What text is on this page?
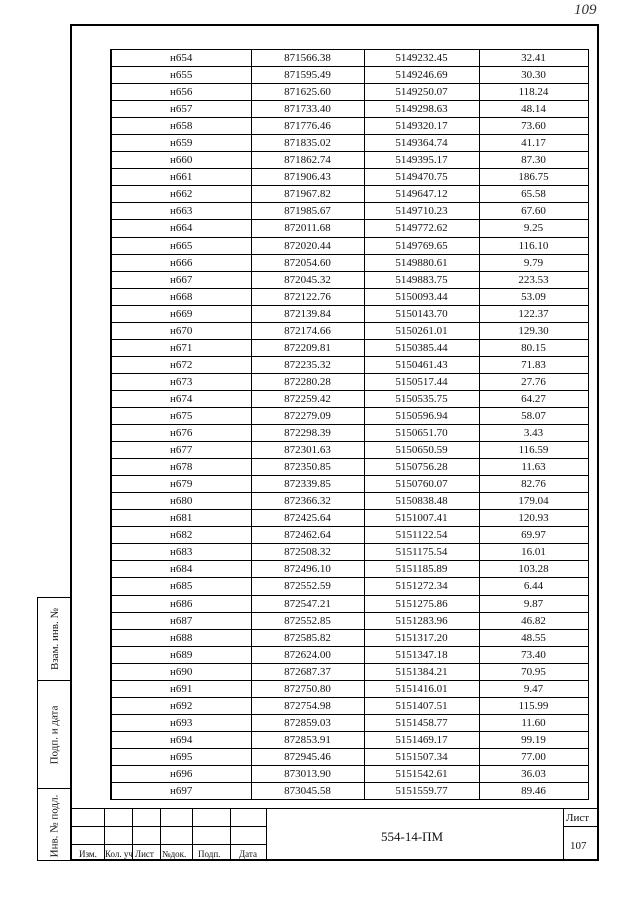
109
н654	871566.38	5149232.45	32.41
н655	871595.49	5149246.69	30.30
н656	871625.60	5149250.07	118.24
н657	871733.40	5149298.63	48.14
н658	871776.46	5149320.17	73.60
н659	871835.02	5149364.74	41.17
н660	871862.74	5149395.17	87.30
н661	871906.43	5149470.75	186.75
н662	871967.82	5149647.12	65.58
н663	871985.67	5149710.23	67.60
н664	872011.68	5149772.62	9.25
н665	872020.44	5149769.65	116.10
н666	872054.60	5149880.61	9.79
н667	872045.32	5149883.75	223.53
н668	872122.76	5150093.44	53.09
н669	872139.84	5150143.70	122.37
н670	872174.66	5150261.01	129.30
н671	872209.81	5150385.44	80.15
н672	872235.32	5150461.43	71.83
н673	872280.28	5150517.44	27.76
н674	872259.42	5150535.75	64.27
н675	872279.09	5150596.94	58.07
н676	872298.39	5150651.70	3.43
н677	872301.63	5150650.59	116.59
н678	872350.85	5150756.28	11.63
н679	872339.85	5150760.07	82.76
н680	872366.32	5150838.48	179.04
н681	872425.64	5151007.41	120.93
н682	872462.64	5151122.54	69.97
н683	872508.32	5151175.54	16.01
н684	872496.10	5151185.89	103.28
н685	872552.59	5151272.34	6.44
н686	872547.21	5151275.86	9.87
н687	872552.85	5151283.96	46.82
н688	872585.82	5151317.20	48.55
н689	872624.00	5151347.18	73.40
н690	872687.37	5151384.21	70.95
н691	872750.80	5151416.01	9.47
н692	872754.98	5151407.51	115.99
н693	872859.03	5151458.77	11.60
н694	872853.91	5151469.17	99.19
н695	872945.46	5151507.34	77.00
н696	873013.90	5151542.61	36.03
н697	873045.58	5151559.77	89.46
Взам. инв. №
Подп. и дата
Инв. № подл. Изм. Кол. уч Лист №док. Подп. Дата
554-14-ПМ
Лист
107
